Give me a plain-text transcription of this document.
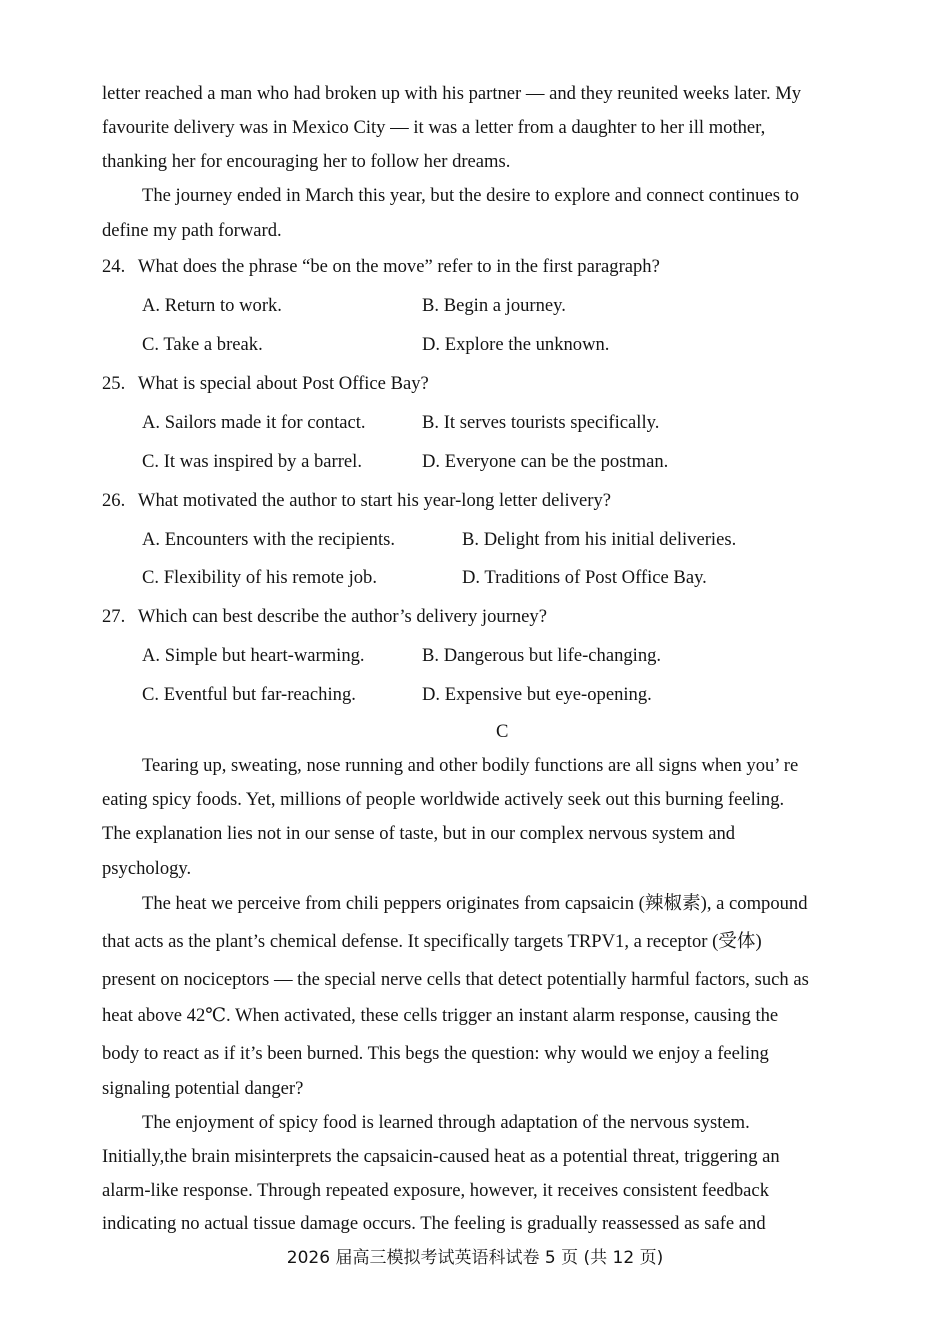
letter reached a man who had broken up with his partner — and they reunited weeks later. My
favourite delivery was in Mexico City — it was a letter from a daughter to her ill mother,
thanking her for encouraging her to follow her dreams.
The journey ended in March this year, but the desire to explore and connect continues to
define my path forward.
24. What does the phrase “be on the move” refer to in the first paragraph?
A. Return to work.	B. Begin a journey.
C. Take a break.	D. Explore the unknown.
25. What is special about Post Office Bay?
A. Sailors made it for contact.	B. It serves tourists specifically.
C. It was inspired by a barrel.	D. Everyone can be the postman.
26. What motivated the author to start his year-long letter delivery?
A. Encounters with the recipients.	B. Delight from his initial deliveries.
C. Flexibility of his remote job.	D. Traditions of Post Office Bay.
27. Which can best describe the author’s delivery journey?
A. Simple but heart-warming.	B. Dangerous but life-changing.
C. Eventful but far-reaching.	D. Expensive but eye-opening.
C
Tearing up, sweating, nose running and other bodily functions are all signs when you’ re
eating spicy foods. Yet, millions of people worldwide actively seek out this burning feeling.
The explanation lies not in our sense of taste, but in our complex nervous system and
psychology.
The heat we perceive from chili peppers originates from capsaicin (辣椒素), a compound
that acts as the plant’s chemical defense. It specifically targets TRPV1, a receptor (受体)
present on nociceptors — the special nerve cells that detect potentially harmful factors, such as
heat above 42℃. When activated, these cells trigger an instant alarm response, causing the
body to react as if it’s been burned. This begs the question: why would we enjoy a feeling
signaling potential danger?
The enjoyment of spicy food is learned through adaptation of the nervous system.
Initially,the brain misinterprets the capsaicin-caused heat as a potential threat, triggering an
alarm-like response. Through repeated exposure, however, it receives consistent feedback
indicating no actual tissue damage occurs. The feeling is gradually reassessed as safe and
2026 届高三模拟考试英语科试卷 5 页 (共 12 页)
